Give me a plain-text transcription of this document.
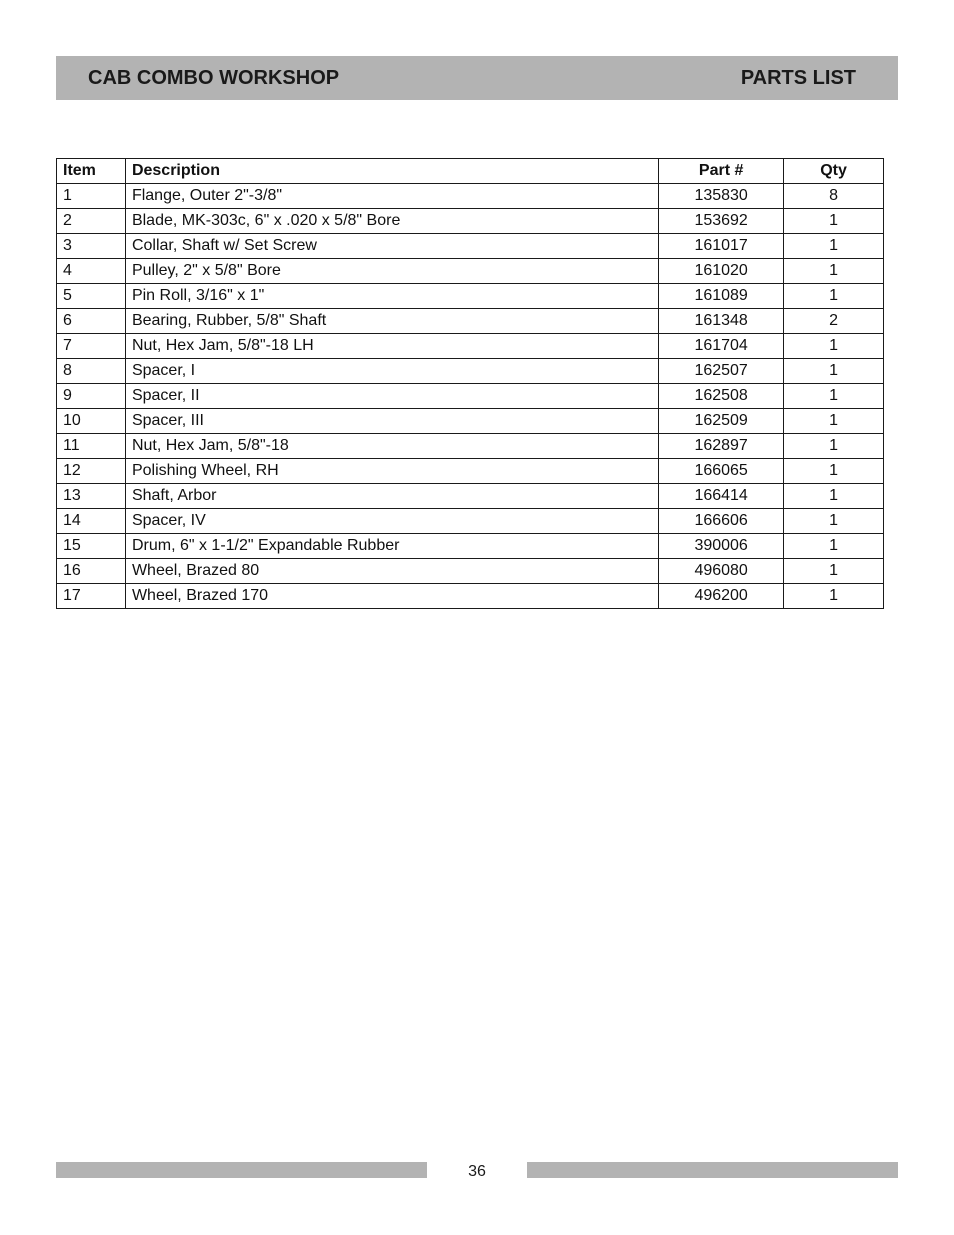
CAB COMBO WORKSHOP	PARTS LIST
Item	Description	Part #	Qty
1	Flange, Outer 2"-3/8"	135830	8
2	Blade, MK-303c, 6" x .020 x 5/8" Bore	153692	1
3	Collar, Shaft w/ Set Screw	161017	1
4	Pulley, 2" x 5/8" Bore	161020	1
5	Pin Roll, 3/16" x 1"	161089	1
6	Bearing, Rubber, 5/8" Shaft	161348	2
7	Nut, Hex Jam, 5/8"-18 LH	161704	1
8	Spacer, I	162507	1
9	Spacer, II	162508	1
10	Spacer, III	162509	1
11	Nut, Hex Jam, 5/8"-18	162897	1
12	Polishing Wheel, RH	166065	1
13	Shaft, Arbor	166414	1
14	Spacer, IV	166606	1
15	Drum, 6" x 1-1/2" Expandable Rubber	390006	1
16	Wheel, Brazed 80	496080	1
17	Wheel, Brazed 170	496200	1
36
